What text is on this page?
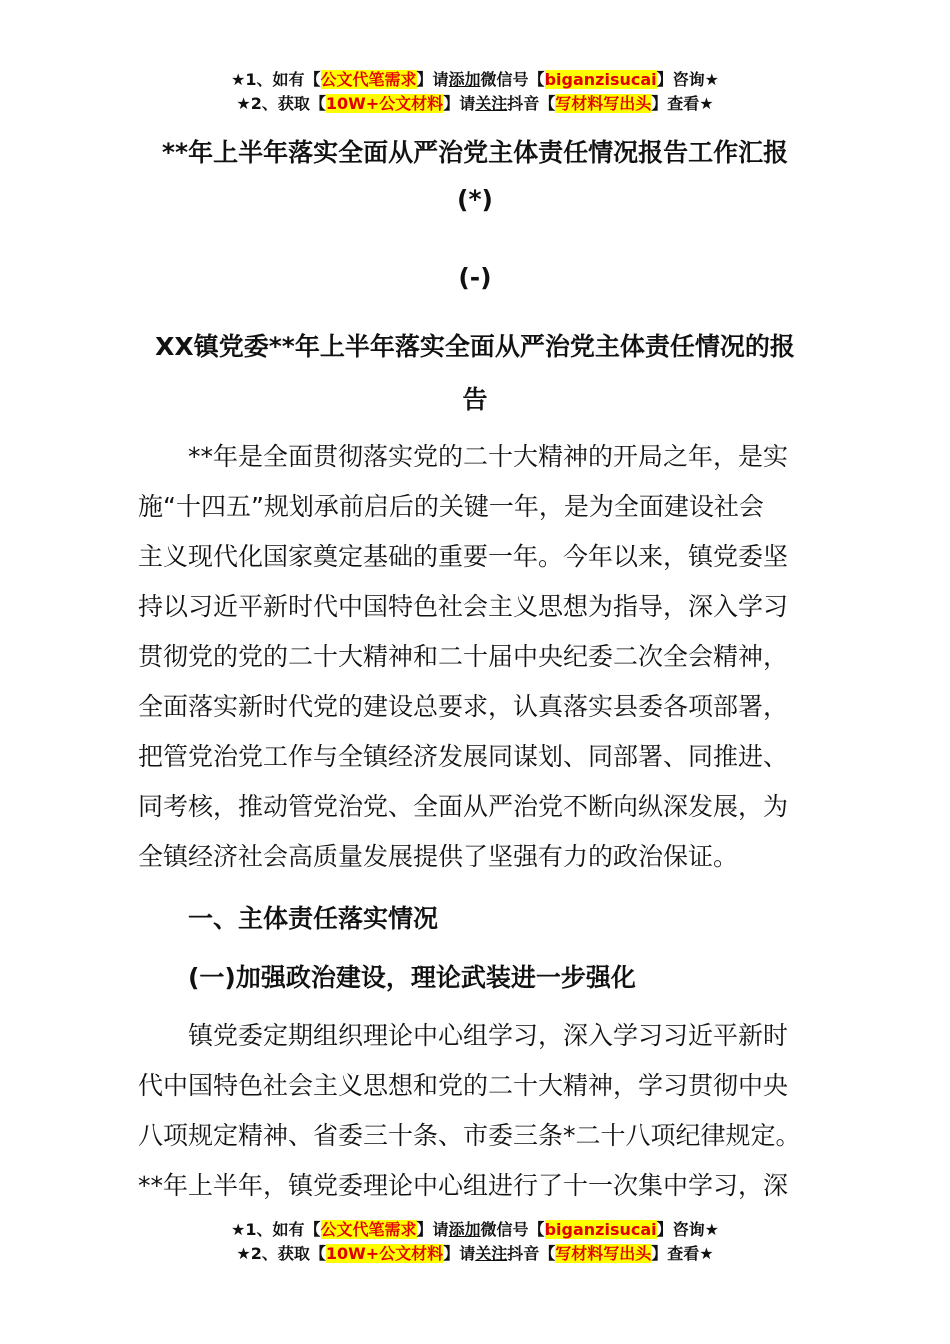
★1、如有【公文代笔需求】请添加微信号【biganzisucai】咨询★
★2、获取【10W+公文材料】请关注抖音【写材料写出头】查看★
**年上半年落实全面从严治党主体责任情况报告工作汇报
(*)
(-)
XX镇党委**年上半年落实全面从严治党主体责任情况的报
告
**年是全面贯彻落实党的二十大精神的开局之年，是实
施“十四五”规划承前启后的关键一年，是为全面建设社会
主义现代化国家奠定基础的重要一年。今年以来，镇党委坚
持以习近平新时代中国特色社会主义思想为指导，深入学习
贯彻党的党的二十大精神和二十届中央纪委二次全会精神，
全面落实新时代党的建设总要求，认真落实县委各项部署，
把管党治党工作与全镇经济发展同谋划、同部署、同推进、
同考核，推动管党治党、全面从严治党不断向纵深发展，为
全镇经济社会高质量发展提供了坚强有力的政治保证。
一、主体责任落实情况
(一)加强政治建设，理论武装进一步强化
镇党委定期组织理论中心组学习，深入学习习近平新时
代中国特色社会主义思想和党的二十大精神，学习贯彻中央
八项规定精神、省委三十条、市委三条*二十八项纪律规定。
**年上半年，镇党委理论中心组进行了十一次集中学习，深
★1、如有【公文代笔需求】请添加微信号【biganzisucai】咨询★
★2、获取【10W+公文材料】请关注抖音【写材料写出头】查看★
